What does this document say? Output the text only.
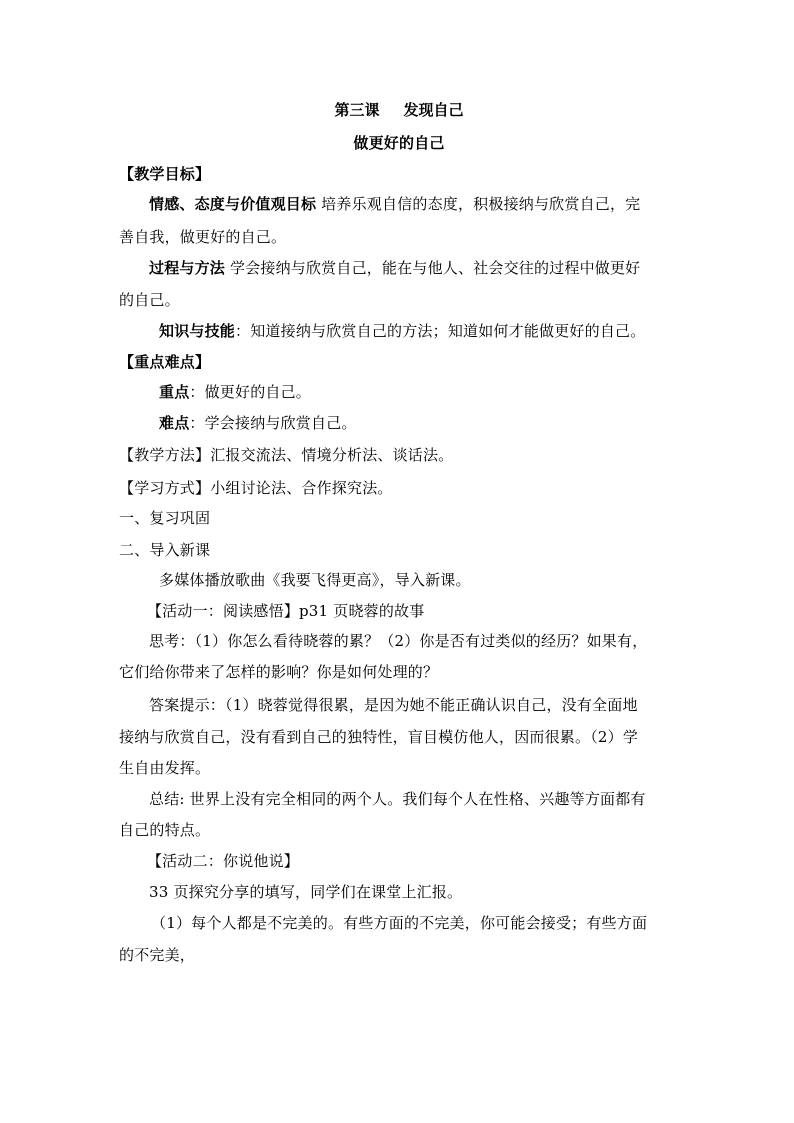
第三课 发现自己
做更好的自己
【教学目标】
情感、态度与价值观目标 培养乐观自信的态度，积极接纳与欣赏自己，完
善自我，做更好的自己。
过程与方法 学会接纳与欣赏自己，能在与他人、社会交往的过程中做更好
的自己。
知识与技能：知道接纳与欣赏自己的方法；知道如何才能做更好的自己。
【重点难点】
重点：做更好的自己。
难点：学会接纳与欣赏自己。
【教学方法】汇报交流法、情境分析法、谈话法。
【学习方式】小组讨论法、合作探究法。
一、复习巩固
二、导入新课
多媒体播放歌曲《我要飞得更高》，导入新课。
【活动一：阅读感悟】p31 页晓蓉的故事
思考：（1）你怎么看待晓蓉的累？（2）你是否有过类似的经历？如果有，
它们给你带来了怎样的影响？你是如何处理的？
答案提示：（1）晓蓉觉得很累，是因为她不能正确认识自己，没有全面地
接纳与欣赏自己，没有看到自己的独特性，盲目模仿他人，因而很累。（2）学
生自由发挥。
总结: 世界上没有完全相同的两个人。我们每个人在性格、兴趣等方面都有
自己的特点。
【活动二：你说他说】
33 页探究分享的填写，同学们在课堂上汇报。
（1）每个人都是不完美的。有些方面的不完美，你可能会接受；有些方面
的不完美，
